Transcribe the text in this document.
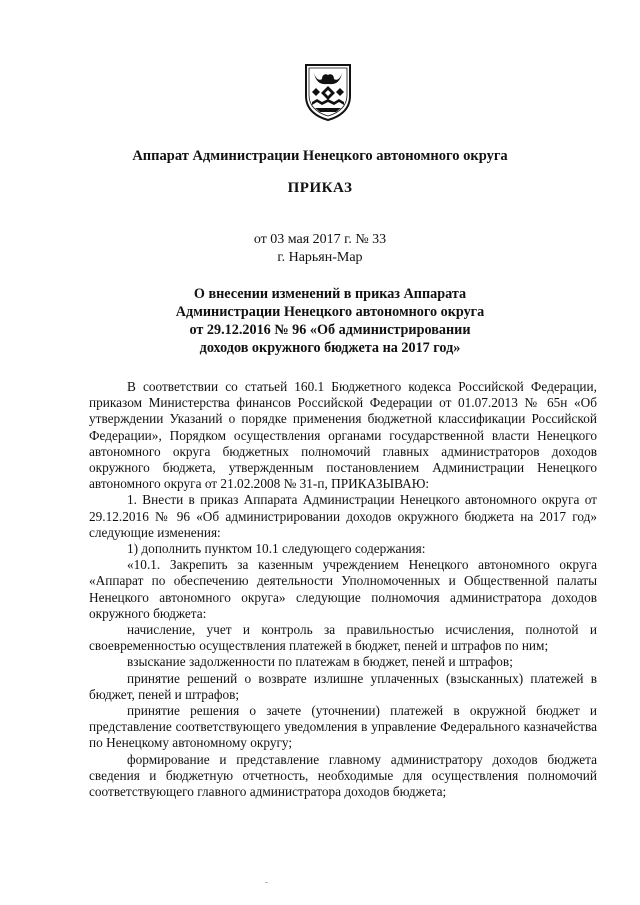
Аппарат Администрации Ненецкого автономного округа
ПРИКАЗ
от 03 мая 2017 г. № 33
г. Нарьян-Мар
О внесении изменений в приказ Аппарата
Администрации Ненецкого автономного округа
от 29.12.2016 № 96 «Об администрировании
доходов окружного бюджета на 2017 год»

В соответствии со статьей 160.1 Бюджетного кодекса Российской Федерации, приказом Министерства финансов Российской Федерации от 01.07.2013 № 65н «Об утверждении Указаний о порядке применения бюджетной классификации Российской Федерации», Порядком осуществления органами государственной власти Ненецкого автономного округа бюджетных полномочий главных администраторов доходов окружного бюджета, утвержденным постановлением Администрации Ненецкого автономного округа от 21.02.2008 № 31-п, ПРИКАЗЫВАЮ:

1. Внести в приказ Аппарата Администрации Ненецкого автономного округа от 29.12.2016 № 96 «Об администрировании доходов окружного бюджета на 2017 год» следующие изменения:

1) дополнить пунктом 10.1 следующего содержания:

«10.1. Закрепить за казенным учреждением Ненецкого автономного округа «Аппарат по обеспечению деятельности Уполномоченных и Общественной палаты Ненецкого автономного округа» следующие полномочия администратора доходов окружного бюджета:

начисление, учет и контроль за правильностью исчисления, полнотой и своевременностью осуществления платежей в бюджет, пеней и штрафов по ним;

взыскание задолженности по платежам в бюджет, пеней и штрафов;

принятие решений о возврате излишне уплаченных (взысканных) платежей в бюджет, пеней и штрафов;

принятие решения о зачете (уточнении) платежей в окружной бюджет и представление соответствующего уведомления в управление Федерального казначейства по Ненецкому автономному округу;

формирование и представление главному администратору доходов бюджета сведения и бюджетную отчетность, необходимые для осуществления полномочий соответствующего главного администратора доходов бюджета;
